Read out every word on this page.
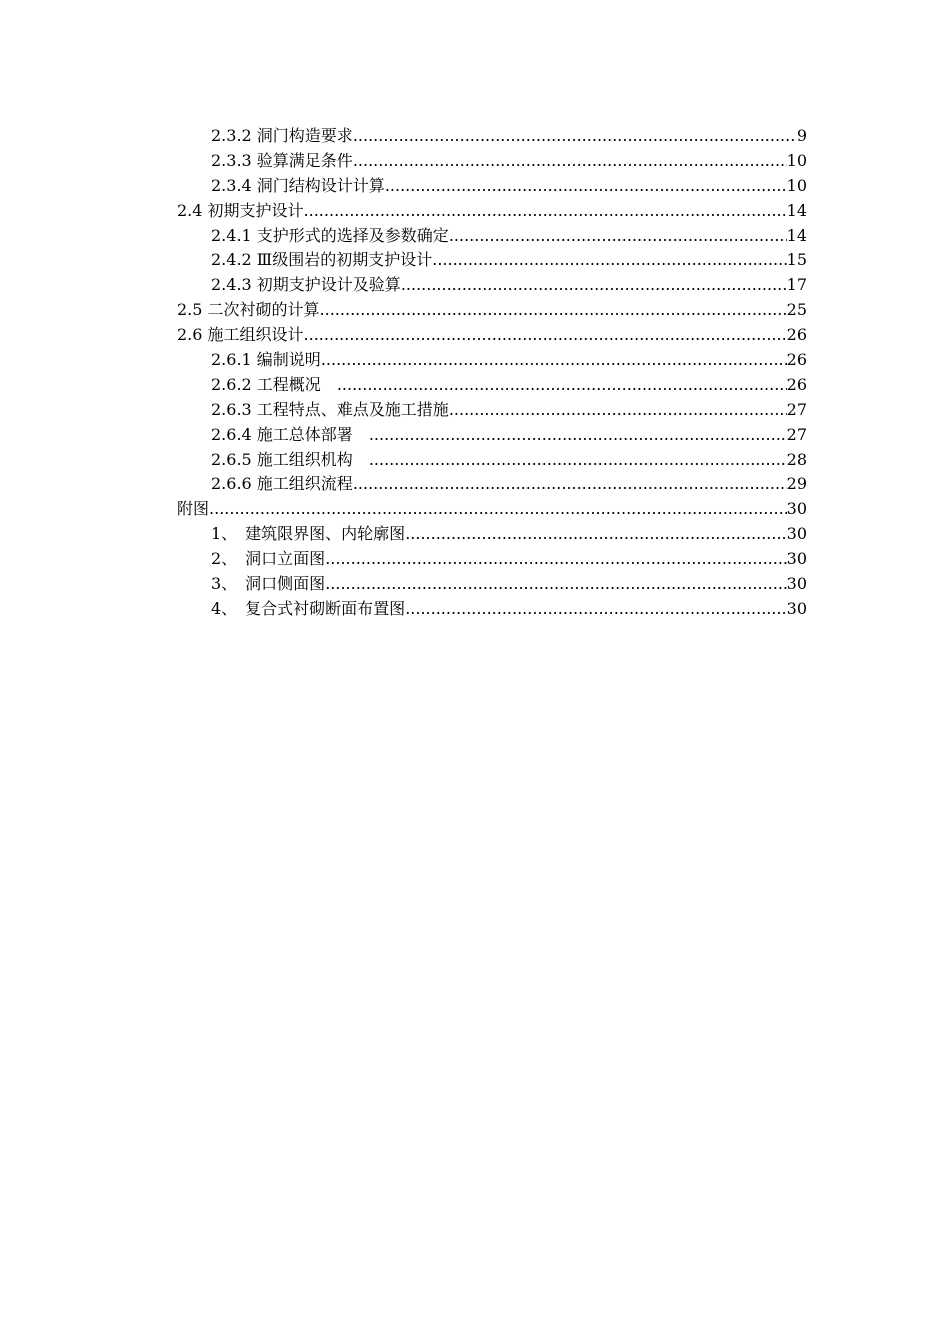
2.3.2 洞门构造要求 .....	9
2.3.3 验算满足条件 .....	10
2.3.4 洞门结构设计计算 .....	10
2.4 初期支护设计 .....	14
2.4.1 支护形式的选择及参数确定 .....	14
2.4.2 Ⅲ级围岩的初期支护设计 .....	15
2.4.3 初期支护设计及验算 .....	17
2.5 二次衬砌的计算 .....	25
2.6 施工组织设计 .....	26
2.6.1 编制说明 .....	26
2.6.2 工程概况　 .....	26
2.6.3 工程特点、难点及施工措施 .....	27
2.6.4 施工总体部署　 .....	27
2.6.5 施工组织机构　 .....	28
2.6.6 施工组织流程 .....	29
附图 .....	30
1、　建筑限界图、内轮廓图 .....	30
2、　洞口立面图 .....	30
3、　洞口侧面图 .....	30
4、　复合式衬砌断面布置图 .....	30
